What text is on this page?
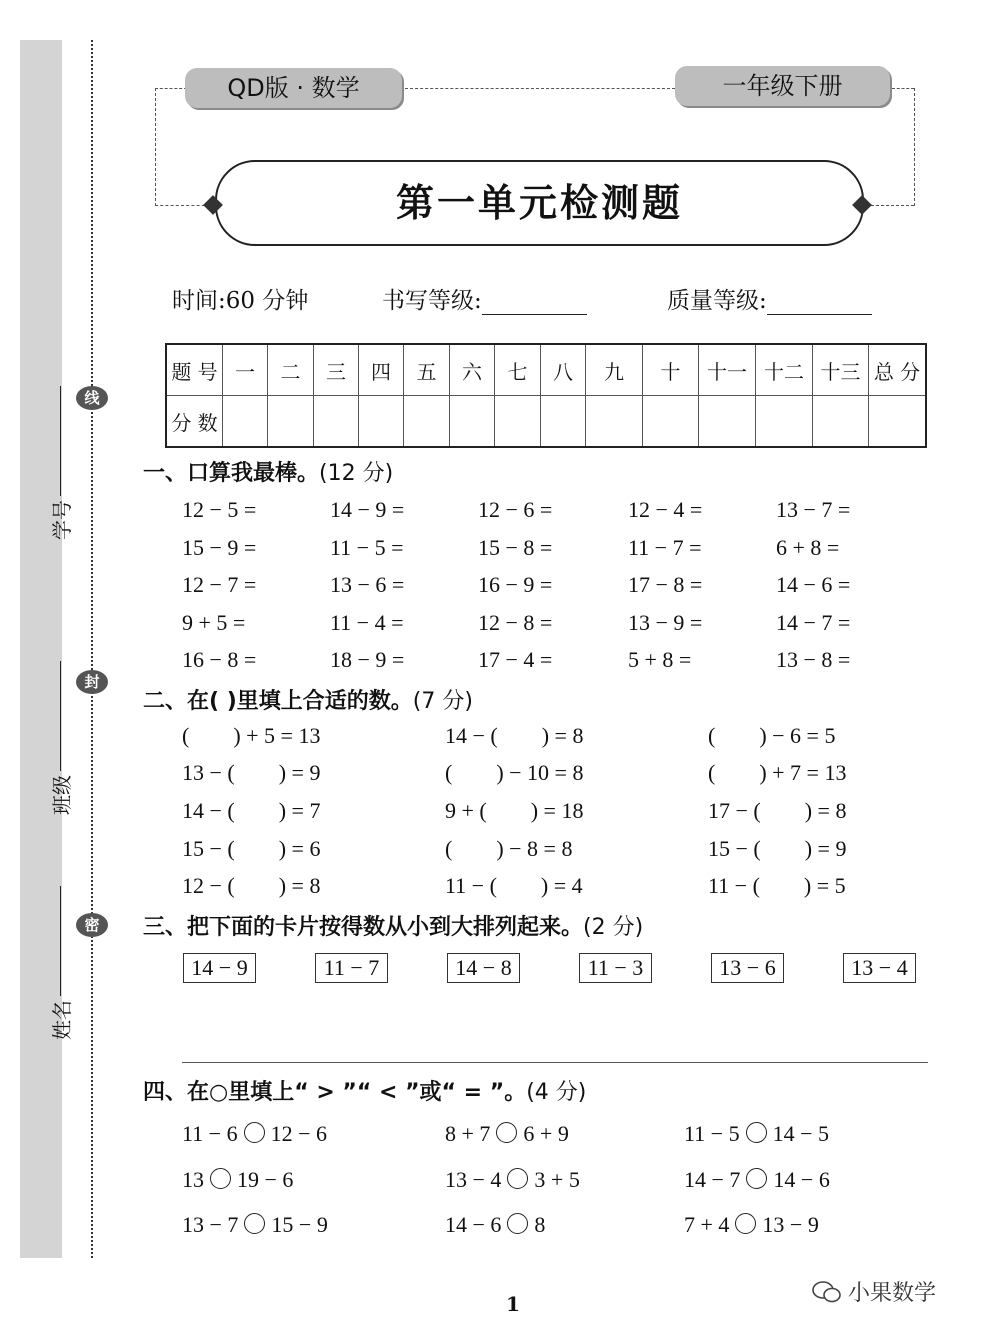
学号
班级
姓名
线
封
密
QD版 · 数学	一年级下册
第一单元检测题
时间:60 分钟	书写等级:	质量等级:
题 号	一	二	三	四	五	六	七	八	九	十	十一	十二	十三	总 分
分 数														
一、口算我最棒。(12 分)
二、在( )里填上合适的数。(7 分)
三、把下面的卡片按得数从小到大排列起来。(2 分)
四、在○里填上“ > ”“ < ”或“ = ”。(4 分)
12 − 5 =	14 − 9 =	12 − 6 =	12 − 4 =	13 − 7 =
15 − 9 =	11 − 5 =	15 − 8 =	11 − 7 =	6 + 8 =
12 − 7 =	13 − 6 =	16 − 9 =	17 − 8 =	14 − 6 =
9 + 5 =	11 − 4 =	12 − 8 =	13 − 9 =	14 − 7 =
16 − 8 =	18 − 9 =	17 − 4 =	5 + 8 =	13 − 8 =
(        ) + 5 = 13	14 − (        ) = 8	(        ) − 6 = 5
13 − (        ) = 9	(        ) − 10 = 8	(        ) + 7 = 13
14 − (        ) = 7	9 + (        ) = 18	17 − (        ) = 8
15 − (        ) = 6	(        ) − 8 = 8	15 − (        ) = 9
12 − (        ) = 8	11 − (        ) = 4	11 − (        ) = 5
14 − 9	11 − 7	14 − 8	11 − 3	13 − 6	13 − 4
11 − 6 12 − 6	8 + 7 6 + 9	11 − 5 14 − 5
13 19 − 6	13 − 4 3 + 5	14 − 7 14 − 6
13 − 7 15 − 9	14 − 6 8	7 + 4 13 − 9
1	小果数学
